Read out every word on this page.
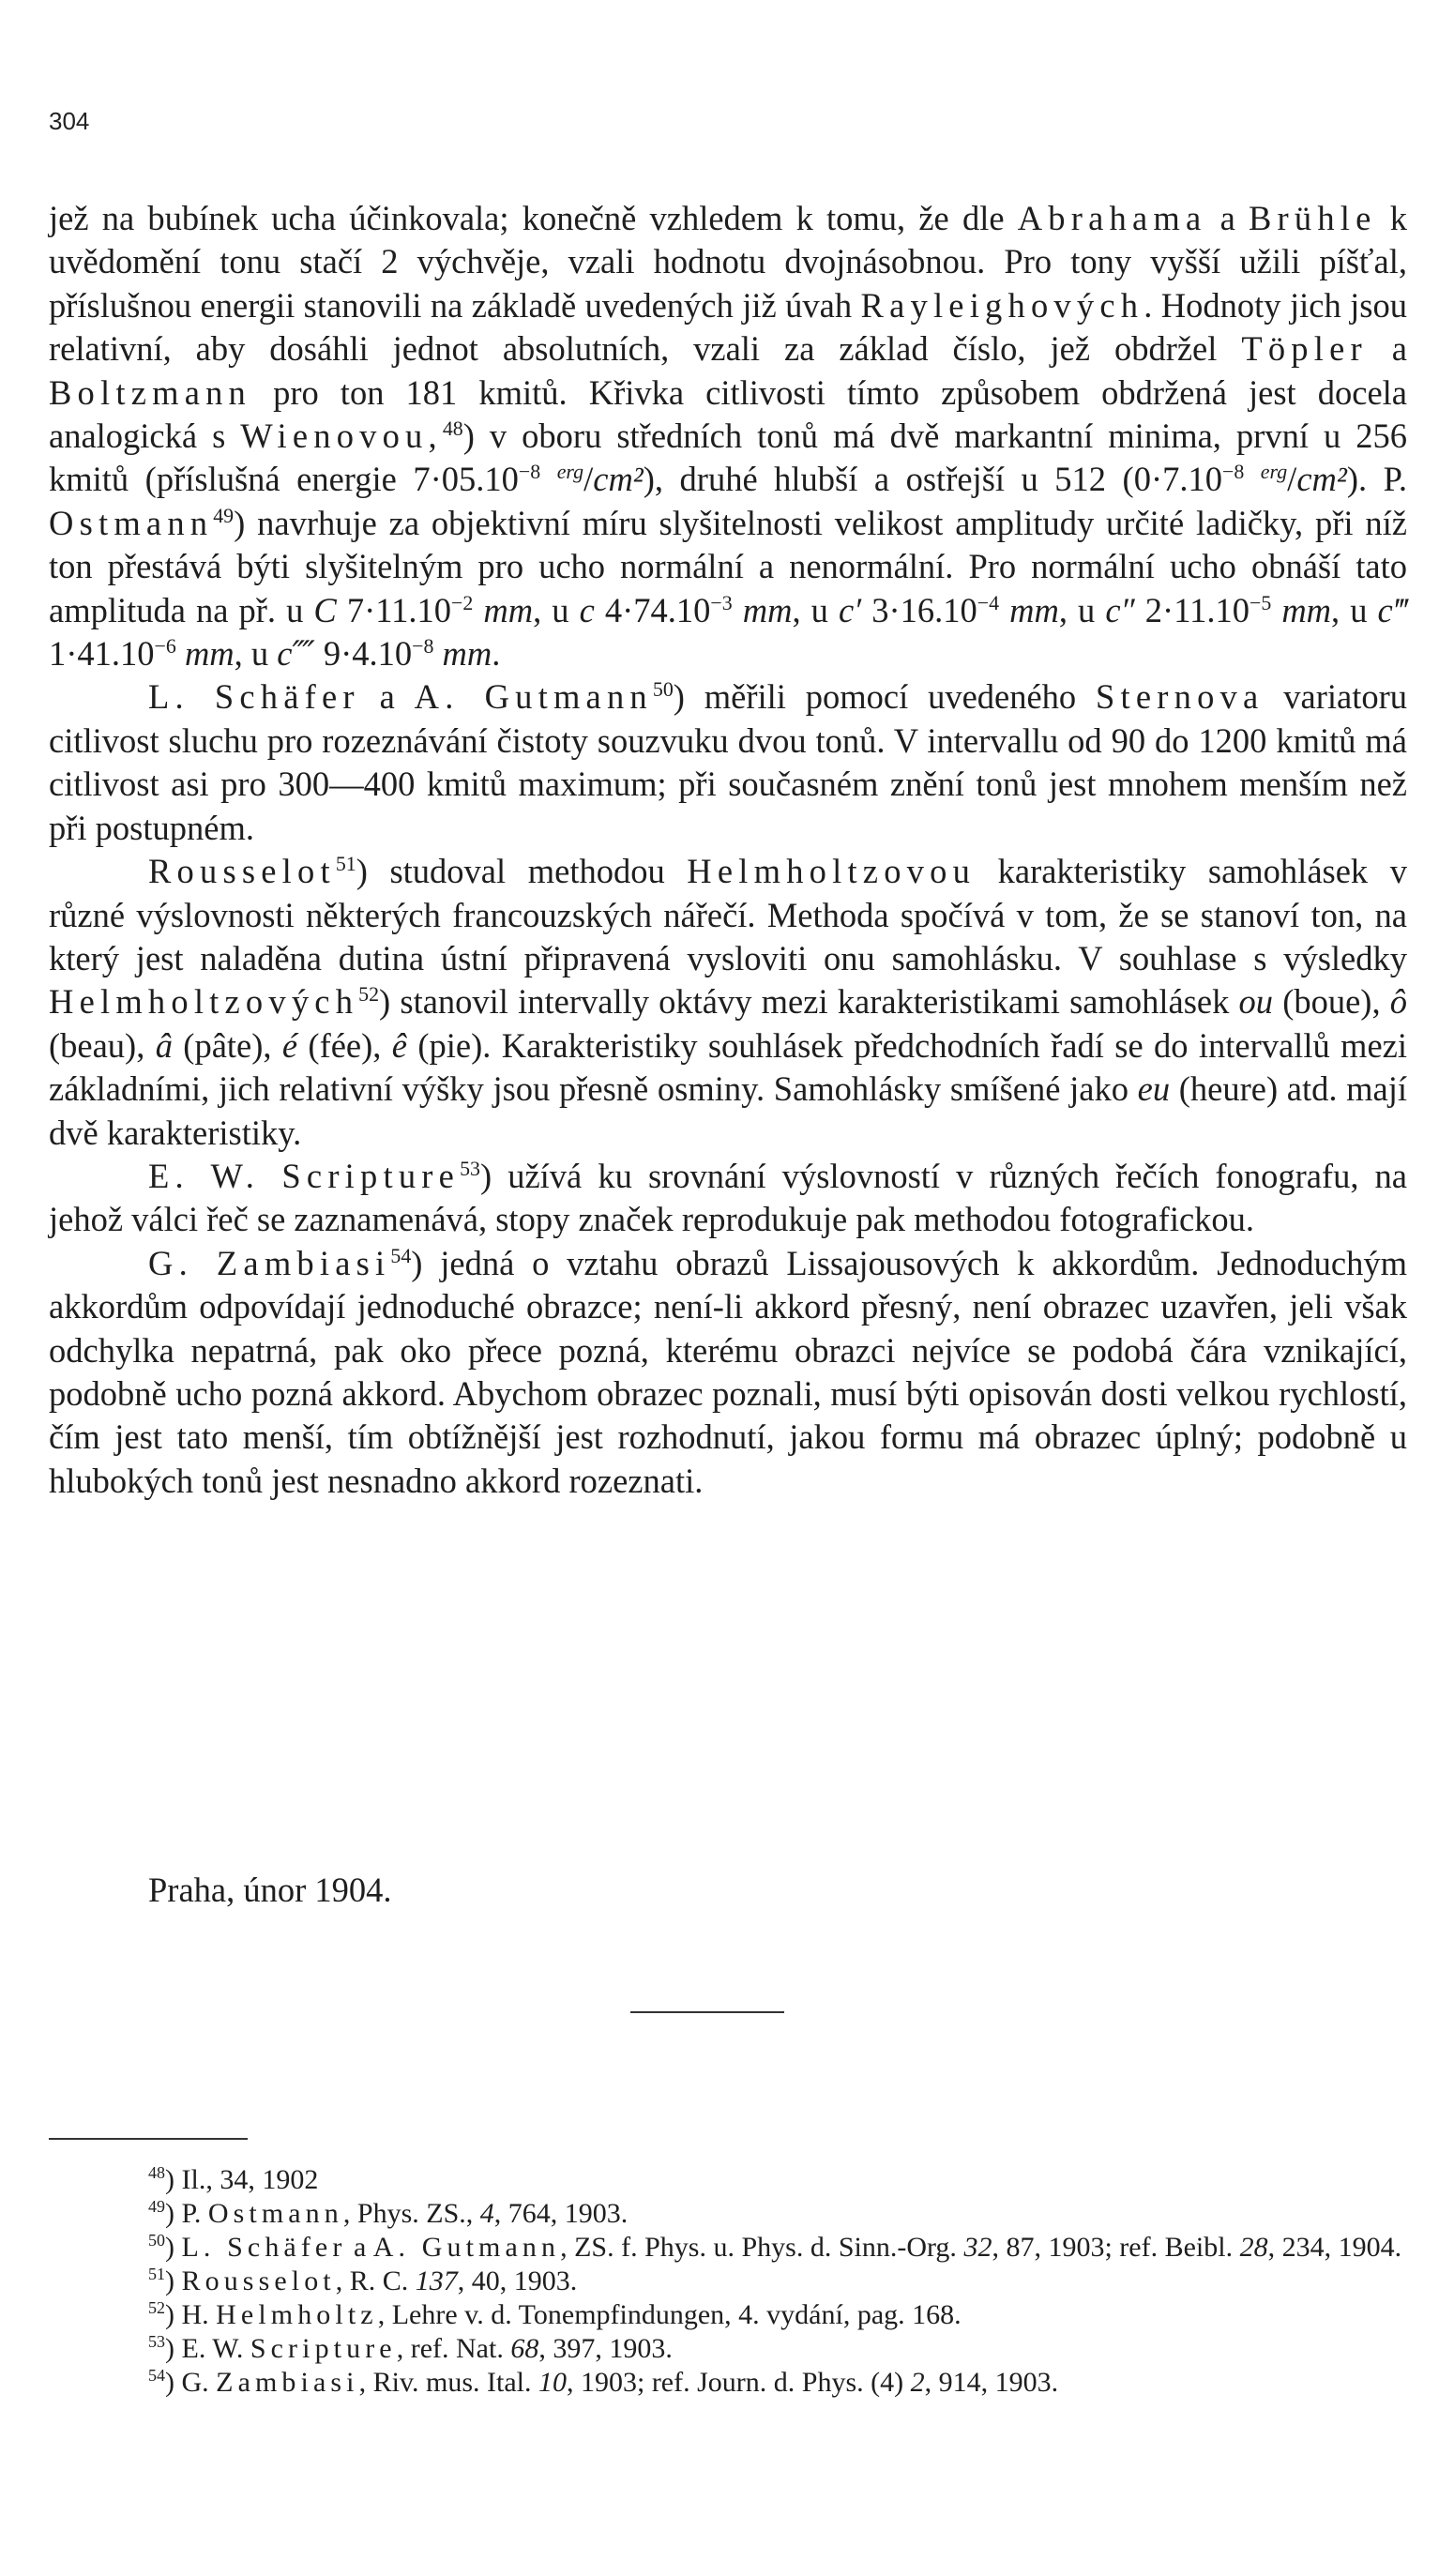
304

jež na bubínek ucha účinkovala; konečně vzhledem k tomu, že dle Abrahama a Brühle k uvědomění tonu stačí 2 výchvěje, vzali hodnotu dvojnásobnou. Pro tony vyšší užili píšťal, příslušnou energii stanovili na základě uvedených již úvah Rayleighových. Hodnoty jich jsou relativní, aby dosáhli jednot absolutních, vzali za základ číslo, jež obdržel Töpler a Boltzmann pro ton 181 kmitů. Křivka citlivosti tímto způsobem obdržená jest docela analogická s Wienovou,$^{48}$) v oboru středních tonů má dvě markantní minima, první u 256 kmitů (příslušná energie $7\cdot 05.10^{-8}$ $^{erg}$/cm²), druhé hlubší a ostřejší u 512 ($0\cdot 7.10^{-8}$ $^{erg}$/cm²). P. Ostmann$^{49}$) navrhuje za objektivní míru slyšitelnosti velikost amplitudy určité ladičky, při níž ton přestává býti slyšitelným pro ucho normální a nenormální. Pro normální ucho obnáší tato amplituda na př. u C $7\cdot 11.10^{-2}$ mm, u c $4\cdot 74.10^{-3}$ mm, u c′ $3\cdot 16.10^{-4}$ mm, u c″ $2\cdot 11.10^{-5}$ mm, u c‴ $1\cdot 41.10^{-6}$ mm, u c⁗ $9\cdot 4.10^{-8}$ mm.

L. Schäfer a A. Gutmann$^{50}$) měřili pomocí uvedeného Sternova variatoru citlivost sluchu pro rozeznávání čistoty souzvuku dvou tonů. V intervallu od 90 do 1200 kmitů má citlivost asi pro 300—400 kmitů maximum; při současném znění tonů jest mnohem menším než při postupném.

Rousselot$^{51}$) studoval methodou Helmholtzovou karakteristiky samohlásek v různé výslovnosti některých francouzských nářečí. Methoda spočívá v tom, že se stanoví ton, na který jest naladěna dutina ústní připravená vysloviti onu samohlásku. V souhlase s výsledky Helmholtzových$^{52}$) stanovil intervally oktávy mezi karakteristikami samohlásek ou (boue), ô (beau), â (pâte), é (fée), ê (pie). Karakteristiky souhlásek předchodních řadí se do intervallů mezi základními, jich relativní výšky jsou přesně osminy. Samohlásky smíšené jako eu (heure) atd. mají dvě karakteristiky.

E. W. Scripture$^{53}$) užívá ku srovnání výslovností v různých řečích fonografu, na jehož válci řeč se zaznamenává, stopy značek reprodukuje pak methodou fotografickou.

G. Zambiasi$^{54}$) jedná o vztahu obrazů Lissajousových k akkordům. Jednoduchým akkordům odpovídají jednoduché obrazce; není-li akkord přesný, není obrazec uzavřen, jeli však odchylka nepatrná, pak oko přece pozná, kterému obrazci nejvíce se podobá čára vznikající, podobně ucho pozná akkord. Abychom obrazec poznali, musí býti opisován dosti velkou rychlostí, čím jest tato menší, tím obtížnější jest rozhodnutí, jakou formu má obrazec úplný; podobně u hlubokých tonů jest nesnadno akkord rozeznati.

Praha, únor 1904.

$^{48}$) Il., 34, 1902

$^{49}$) P. Ostmann, Phys. ZS., 4, 764, 1903.

$^{50}$) L. Schäfer a A. Gutmann, ZS. f. Phys. u. Phys. d. Sinn.-Org. 32, 87, 1903; ref. Beibl. 28, 234, 1904.

$^{51}$) Rousselot, R. C. 137, 40, 1903.

$^{52}$) H. Helmholtz, Lehre v. d. Tonempfindungen, 4. vydání, pag. 168.

$^{53}$) E. W. Scripture, ref. Nat. 68, 397, 1903.

$^{54}$) G. Zambiasi, Riv. mus. Ital. 10, 1903; ref. Journ. d. Phys. (4) 2, 914, 1903.
